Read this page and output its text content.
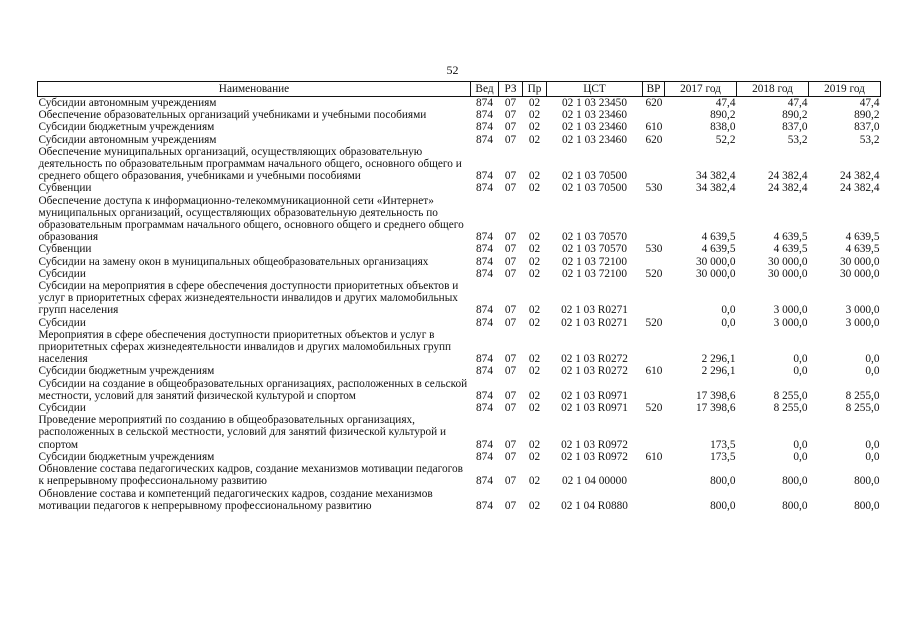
52
Наименование	Вед	РЗ	Пр	ЦСТ	ВР	2017 год	2018 год	2019 год
Субсидии автономным учреждениям	874	07	02	02 1 03 23450	620	47,4	47,4	47,4
Обеспечение образовательных организаций учебниками и учебными пособиями	874	07	02	02 1 03 23460		890,2	890,2	890,2
Субсидии бюджетным учреждениям	874	07	02	02 1 03 23460	610	838,0	837,0	837,0
Субсидии автономным учреждениям	874	07	02	02 1 03 23460	620	52,2	53,2	53,2
Обеспечение муниципальных организаций, осуществляющих образовательную деятельность по образовательным программам начального общего, основного общего и среднего общего образования, учебниками и учебными пособиями	874	07	02	02 1 03 70500		34 382,4	24 382,4	24 382,4
Субвенции	874	07	02	02 1 03 70500	530	34 382,4	24 382,4	24 382,4
Обеспечение доступа к информационно-телекоммуникационной сети «Интернет» муниципальных организаций, осуществляющих образовательную деятельность по образовательным программам начального общего, основного общего и среднего общего образования	874	07	02	02 1 03 70570		4 639,5	4 639,5	4 639,5
Субвенции	874	07	02	02 1 03 70570	530	4 639,5	4 639,5	4 639,5
Субсидии на замену окон в муниципальных общеобразовательных организациях	874	07	02	02 1 03 72100		30 000,0	30 000,0	30 000,0
Субсидии	874	07	02	02 1 03 72100	520	30 000,0	30 000,0	30 000,0
Субсидии на мероприятия в сфере обеспечения доступности приоритетных объектов и услуг в приоритетных сферах жизнедеятельности инвалидов и других маломобильных групп населения	874	07	02	02 1 03 R0271		0,0	3 000,0	3 000,0
Субсидии	874	07	02	02 1 03 R0271	520	0,0	3 000,0	3 000,0
Мероприятия в сфере обеспечения доступности приоритетных объектов и услуг в приоритетных сферах жизнедеятельности инвалидов и других маломобильных групп населения	874	07	02	02 1 03 R0272		2 296,1	0,0	0,0
Субсидии бюджетным учреждениям	874	07	02	02 1 03 R0272	610	2 296,1	0,0	0,0
Субсидии на создание в общеобразовательных организациях, расположенных в сельской местности, условий для занятий физической культурой и спортом	874	07	02	02 1 03 R0971		17 398,6	8 255,0	8 255,0
Субсидии	874	07	02	02 1 03 R0971	520	17 398,6	8 255,0	8 255,0
Проведение мероприятий по созданию в общеобразовательных организациях, расположенных в сельской местности, условий для занятий физической культурой и спортом	874	07	02	02 1 03 R0972		173,5	0,0	0,0
Субсидии бюджетным учреждениям	874	07	02	02 1 03 R0972	610	173,5	0,0	0,0
Обновление состава педагогических кадров, создание механизмов мотивации педагогов к непрерывному профессиональному развитию	874	07	02	02 1 04 00000		800,0	800,0	800,0
Обновление состава и компетенций педагогических кадров, создание механизмов мотивации педагогов к непрерывному профессиональному развитию	874	07	02	02 1 04 R0880		800,0	800,0	800,0
